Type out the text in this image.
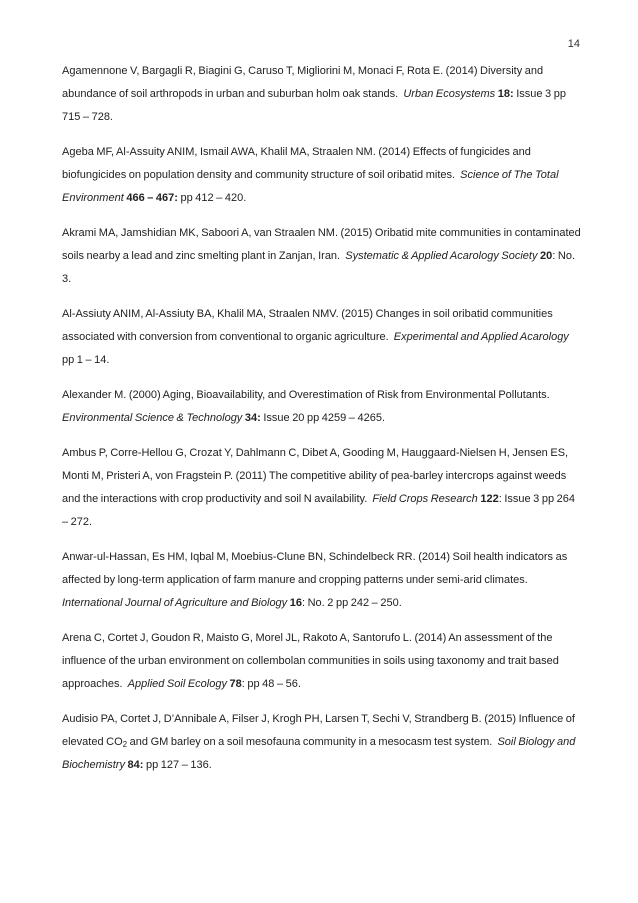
14

Agamennone V, Bargagli R, Biagini G, Caruso T, Migliorini M, Monaci F, Rota E. (2014) Diversity and abundance of soil arthropods in urban and suburban holm oak stands. Urban Ecosystems 18: Issue 3 pp 715 – 728.

Ageba MF, Al-Assuity ANIM, Ismail AWA, Khalil MA, Straalen NM. (2014) Effects of fungicides and biofungicides on population density and community structure of soil oribatid mites. Science of The Total Environment 466 – 467: pp 412 – 420.

Akrami MA, Jamshidian MK, Saboori A, van Straalen NM. (2015) Oribatid mite communities in contaminated soils nearby a lead and zinc smelting plant in Zanjan, Iran. Systematic & Applied Acarology Society 20: No. 3.

Al-Assiuty ANIM, Al-Assiuty BA, Khalil MA, Straalen NMV. (2015) Changes in soil oribatid communities associated with conversion from conventional to organic agriculture. Experimental and Applied Acarology pp 1 – 14.

Alexander M. (2000) Aging, Bioavailability, and Overestimation of Risk from Environmental Pollutants.  Environmental Science & Technology 34: Issue 20 pp 4259 – 4265.

Ambus P, Corre-Hellou G, Crozat Y, Dahlmann C, Dibet A, Gooding M, Hauggaard-Nielsen H, Jensen ES, Monti M, Pristeri A, von Fragstein P. (2011) The competitive ability of pea-barley intercrops against weeds and the interactions with crop productivity and soil N availability. Field Crops Research 122: Issue 3 pp 264 – 272.

Anwar-ul-Hassan, Es HM, Iqbal M, Moebius-Clune BN, Schindelbeck RR. (2014) Soil health indicators as affected by long-term application of farm manure and cropping patterns under semi-arid climates.  International Journal of Agriculture and Biology 16: No. 2 pp 242 – 250.

Arena C, Cortet J, Goudon R, Maisto G, Morel JL, Rakoto A, Santorufo L. (2014) An assessment of the influence of the urban environment on collembolan communities in soils using taxonomy and trait based approaches. Applied Soil Ecology 78: pp 48 – 56.

Audisio PA, Cortet J, D’Annibale A, Filser J, Krogh PH, Larsen T, Sechi V, Strandberg B. (2015) Influence of elevated $CO_2$ and GM barley on a soil mesofauna community in a mesocasm test system. Soil Biology and Biochemistry 84: pp 127 – 136.
